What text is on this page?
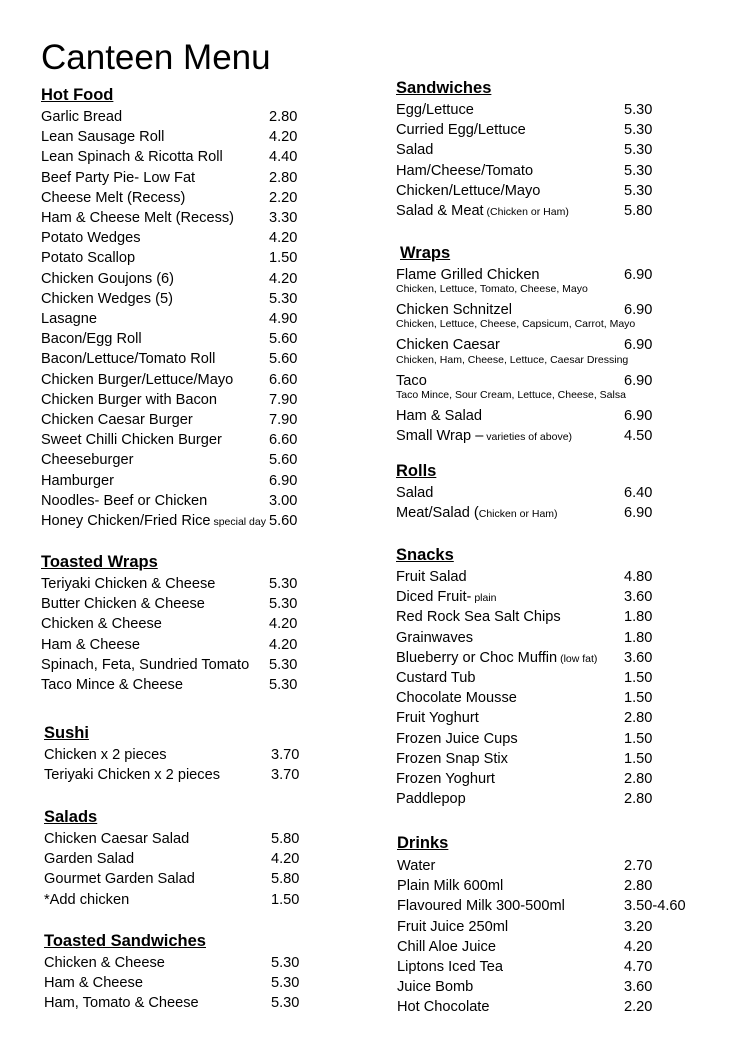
Canteen Menu
Hot Food
Toasted Wraps
Sushi
Salads
Toasted Sandwiches
Garlic Bread	2.80
Lean Sausage Roll	4.20
Lean Spinach & Ricotta Roll	4.40
Beef Party Pie- Low Fat	2.80
Cheese Melt (Recess)	2.20
Ham & Cheese Melt (Recess) 3.30
Potato Wedges	4.20
Potato Scallop	1.50
Chicken Goujons (6)	4.20
Chicken Wedges (5)	5.30
Lasagne	4.90
Bacon/Egg Roll	5.60
Bacon/Lettuce/Tomato Roll	5.60
Chicken Burger/Lettuce/Mayo 6.60
Chicken Burger with Bacon	7.90
Chicken Caesar Burger	7.90
Sweet Chilli Chicken Burger	6.60
Cheeseburger	5.60
Hamburger	6.90
Noodles- Beef or Chicken	3.00
Honey Chicken/Fried Rice special day 5.60
Teriyaki Chicken & Cheese	5.30
Butter Chicken & Cheese	5.30
Chicken & Cheese	4.20
Ham & Cheese	4.20
Spinach, Feta, Sundried Tomato 5.30
Taco Mince & Cheese	5.30
Chicken x 2 pieces	3.70
Teriyaki Chicken x 2 pieces	3.70
Chicken Caesar Salad	5.80
Garden Salad	4.20
Gourmet Garden Salad	5.80
*Add chicken	1.50
Chicken & Cheese	5.30
Ham & Cheese	5.30
Ham, Tomato & Cheese	5.30
Sandwiches
Wraps
Rolls
Snacks
Drinks
Egg/Lettuce	5.30
Curried Egg/Lettuce	5.30
Salad	5.30
Ham/Cheese/Tomato	5.30
Chicken/Lettuce/Mayo	5.30
Salad & Meat (Chicken or Ham)	5.80
Flame Grilled Chicken	6.90
Chicken, Lettuce, Tomato, Cheese, Mayo
Chicken Schnitzel	6.90
Chicken, Lettuce, Cheese, Capsicum, Carrot, Mayo
Chicken Caesar	6.90
Chicken, Ham, Cheese, Lettuce, Caesar Dressing
Taco	6.90
Taco Mince, Sour Cream, Lettuce, Cheese, Salsa
Ham & Salad	6.90
Small Wrap – varieties of above)	4.50
Salad	6.40
Meat/Salad (Chicken or Ham)	6.90
Fruit Salad	4.80
Diced Fruit- plain	3.60
Red Rock Sea Salt Chips	1.80
Grainwaves	1.80
Blueberry or Choc Muffin (low fat) 3.60
Custard Tub	1.50
Chocolate Mousse	1.50
Fruit Yoghurt	2.80
Frozen Juice Cups	1.50
Frozen Snap Stix	1.50
Frozen Yoghurt	2.80
Paddlepop	2.80
Water	2.70
Plain Milk 600ml	2.80
Flavoured Milk 300-500ml	3.50-4.60
Fruit Juice 250ml	3.20
Chill Aloe Juice	4.20
Liptons Iced Tea	4.70
Juice Bomb	3.60
Hot Chocolate	2.20
